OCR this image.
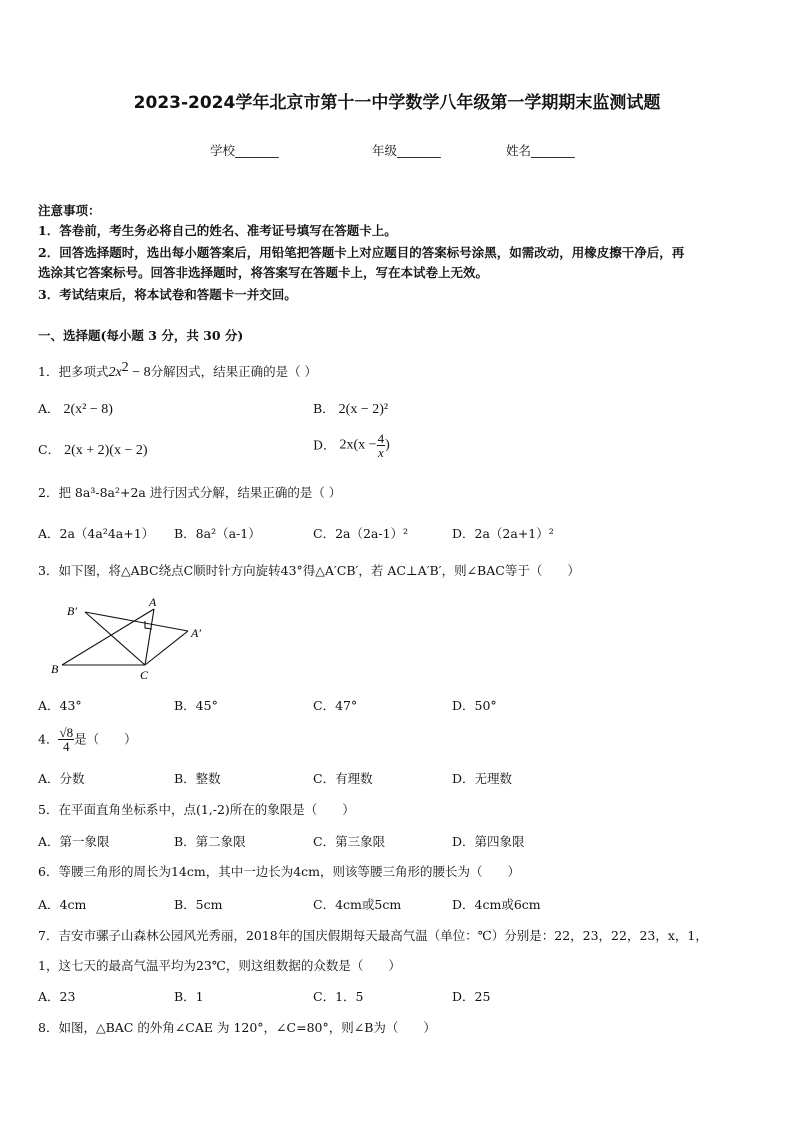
2023-2024学年北京市第十一中学数学八年级第一学期期末监测试题
学校_______	年级_______	姓名_______
注意事项：
1．答卷前，考生务必将自己的姓名、准考证号填写在答题卡上。
2．回答选择题时，选出每小题答案后，用铅笔把答题卡上对应题目的答案标号涂黑，如需改动，用橡皮擦干净后，再
选涂其它答案标号。回答非选择题时，将答案写在答题卡上，写在本试卷上无效。
3．考试结束后，将本试卷和答题卡一并交回。
一、选择题(每小题 3 分，共 30 分)
1．把多项式$2x^2 - 8$分解因式，结果正确的是（ ）
A． 2(x² − 8)	B． 2(x − 2)²
C． 2(x + 2)(x − 2)	D． $2x(x - \frac{4}{x}$ )
2．把 8a³-8a²+2a 进行因式分解，结果正确的是（ ）
A．2a（4a²4a+1） B．8a²（a-1）	C．2a（2a-1）²	D．2a（2a+1）²
3．如下图，将△ABC绕点C顺时针方向旋转43°得△A′CB′，若 AC⊥A′B′，则∠BAC等于（　　）
B′
A
A′
B	C
A．43°	B．45°	C．47°	D．50°
4． $\frac{√8}{4}$ 是（　　）
A．分数	B．整数	C．有理数	D．无理数
5．在平面直角坐标系中，点(1,-2)所在的象限是（　　）
A．第一象限	B．第二象限	C．第三象限	D．第四象限
6．等腰三角形的周长为14cm，其中一边长为4cm，则该等腰三角形的腰长为（　　）
A．4cm	B．5cm	C．4cm或5cm	D．4cm或6cm
7．吉安市骡子山森林公园风光秀丽，2018年的国庆假期每天最高气温（单位：℃）分别是：22，23，22，23，x，1，
1，这七天的最高气温平均为23℃，则这组数据的众数是（　　）
A．23	B．1	C．1．5	D．25
8．如图，△BAC 的外角∠CAE 为 120°，∠C=80°，则∠B为（　　）
